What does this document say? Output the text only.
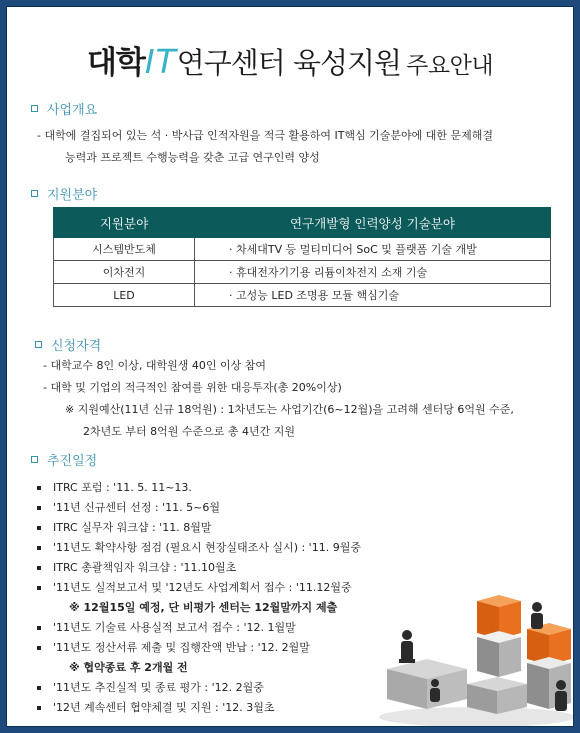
대학IT연구센터 육성지원 주요안내
사업개요
- 대학에 결집되어 있는 석 · 박사급 인적자원을 적극 활용하여 IT핵심 기술분야에 대한 문제해결
능력과 프로젝트 수행능력을 갖춘 고급 연구인력 양성
지원분야
지원분야	연구개발형 인력양성 기술분야
시스템반도체	· 차세대TV 등 멀티미디어 SoC 및 플랫폼 기술 개발
이차전지	· 휴대전자기기용 리튬이차전지 소재 기술
LED	· 고성능 LED 조명용 모듈 핵심기술
신청자격
- 대학교수 8인 이상, 대학원생 40인 이상 참여
- 대학 및 기업의 적극적인 참여를 위한 대응투자(총 20%이상)
※ 지원예산(11년 신규 18억원) : 1차년도는 사업기간(6~12월)을 고려해 센터당 6억원 수준,
2차년도 부터 8억원 수준으로 총 4년간 지원
추진일정
ITRC 포럼 : '11. 5. 11~13.
'11년 신규센터 선정 : '11. 5~6월
ITRC 실무자 워크샵 : '11. 8월말
'11년도 확약사항 점검 (필요시 현장실태조사 실시) : '11. 9월중
ITRC 총괄책임자 워크샵 : '11.10월초
'11년도 실적보고서 및 '12년도 사업계획서 접수 : '11.12월중
※ 12월15일 예정, 단 비평가 센터는 12월말까지 제출
'11년도 기술료 사용실적 보고서 접수 : '12. 1월말
'11년도 정산서류 제출 및 집행잔액 반납 : '12. 2월말
※ 협약종료 후 2개월 전
'11년도 추진실적 및 종료 평가 : '12. 2월중
'12년 계속센터 협약체결 및 지원 : '12. 3월초
